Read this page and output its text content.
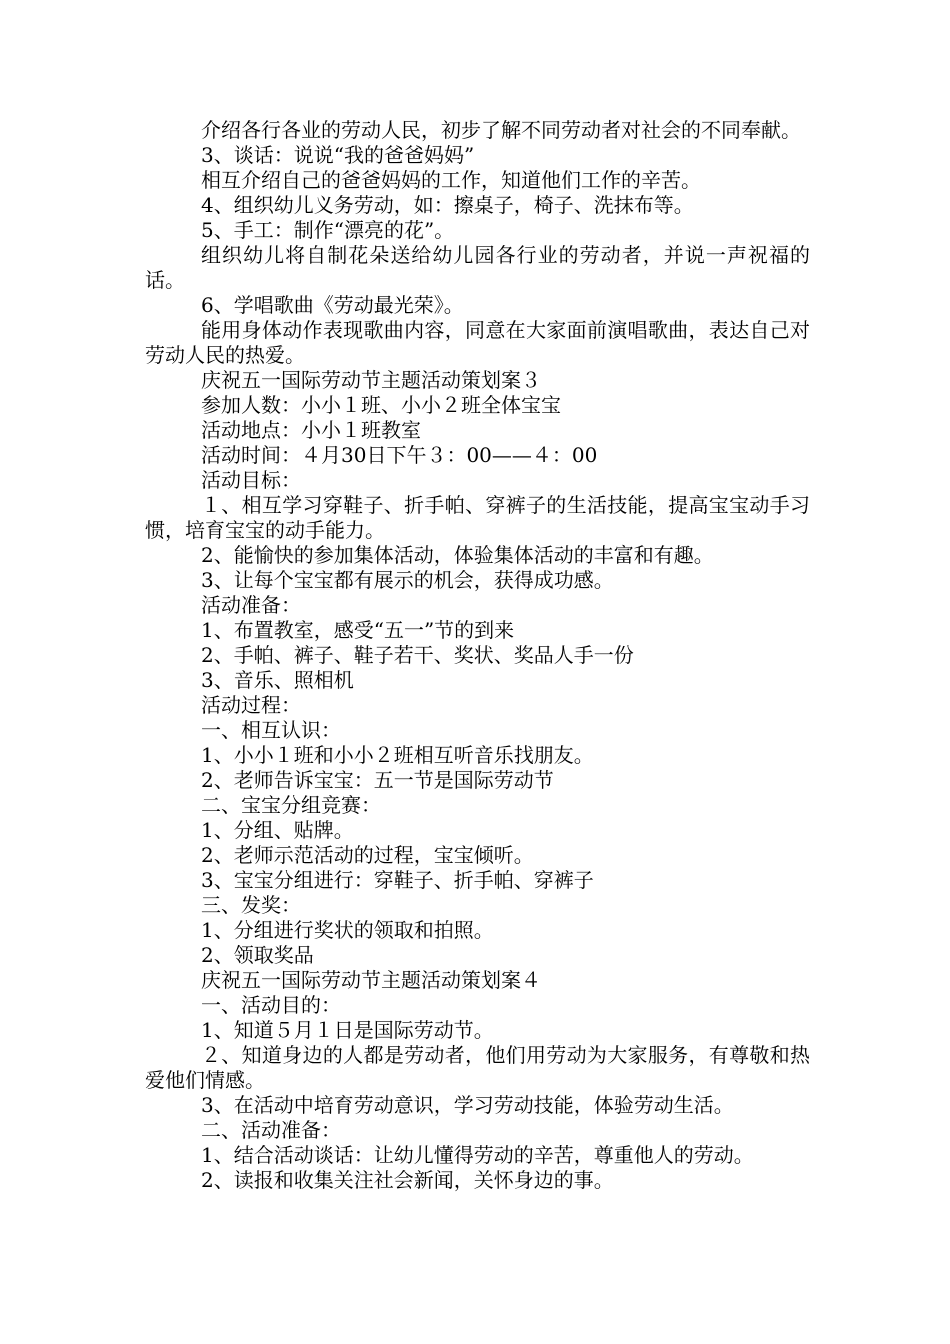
介绍各行各业的劳动人民，初步了解不同劳动者对社会的不同奉献。

3、谈话：说说“我的爸爸妈妈”

相互介绍自己的爸爸妈妈的工作，知道他们工作的辛苦。

4、组织幼儿义务劳动，如：擦桌子，椅子、洗抹布等。

5、手工：制作“漂亮的花”。

组织幼儿将自制花朵送给幼儿园各行业的劳动者，并说一声祝福的话。

6、学唱歌曲《劳动最光荣》。

能用身体动作表现歌曲内容，同意在大家面前演唱歌曲，表达自己对劳动人民的热爱。

庆祝五一国际劳动节主题活动策划案３

参加人数：小小１班、小小２班全体宝宝

活动地点：小小１班教室

活动时间：４月30日下午３：00——４：00

活动目标：

１、相互学习穿鞋子、折手帕、穿裤子的生活技能，提高宝宝动手习惯，培育宝宝的动手能力。

2、能愉快的参加集体活动，体验集体活动的丰富和有趣。

3、让每个宝宝都有展示的机会，获得成功感。

活动准备：

1、布置教室，感受“五一”节的到来

2、手帕、裤子、鞋子若干、奖状、奖品人手一份

3、音乐、照相机

活动过程：

一、相互认识：

1、小小１班和小小２班相互听音乐找朋友。

2、老师告诉宝宝：五一节是国际劳动节

二、宝宝分组竞赛：

1、分组、贴牌。

2、老师示范活动的过程，宝宝倾听。

3、宝宝分组进行：穿鞋子、折手帕、穿裤子

三、发奖：

1、分组进行奖状的领取和拍照。

2、领取奖品

庆祝五一国际劳动节主题活动策划案４

一、活动目的：

1、知道５月１日是国际劳动节。

２、知道身边的人都是劳动者，他们用劳动为大家服务，有尊敬和热爱他们情感。

3、在活动中培育劳动意识，学习劳动技能，体验劳动生活。

二、活动准备：

1、结合活动谈话：让幼儿懂得劳动的辛苦，尊重他人的劳动。

2、读报和收集关注社会新闻，关怀身边的事。
